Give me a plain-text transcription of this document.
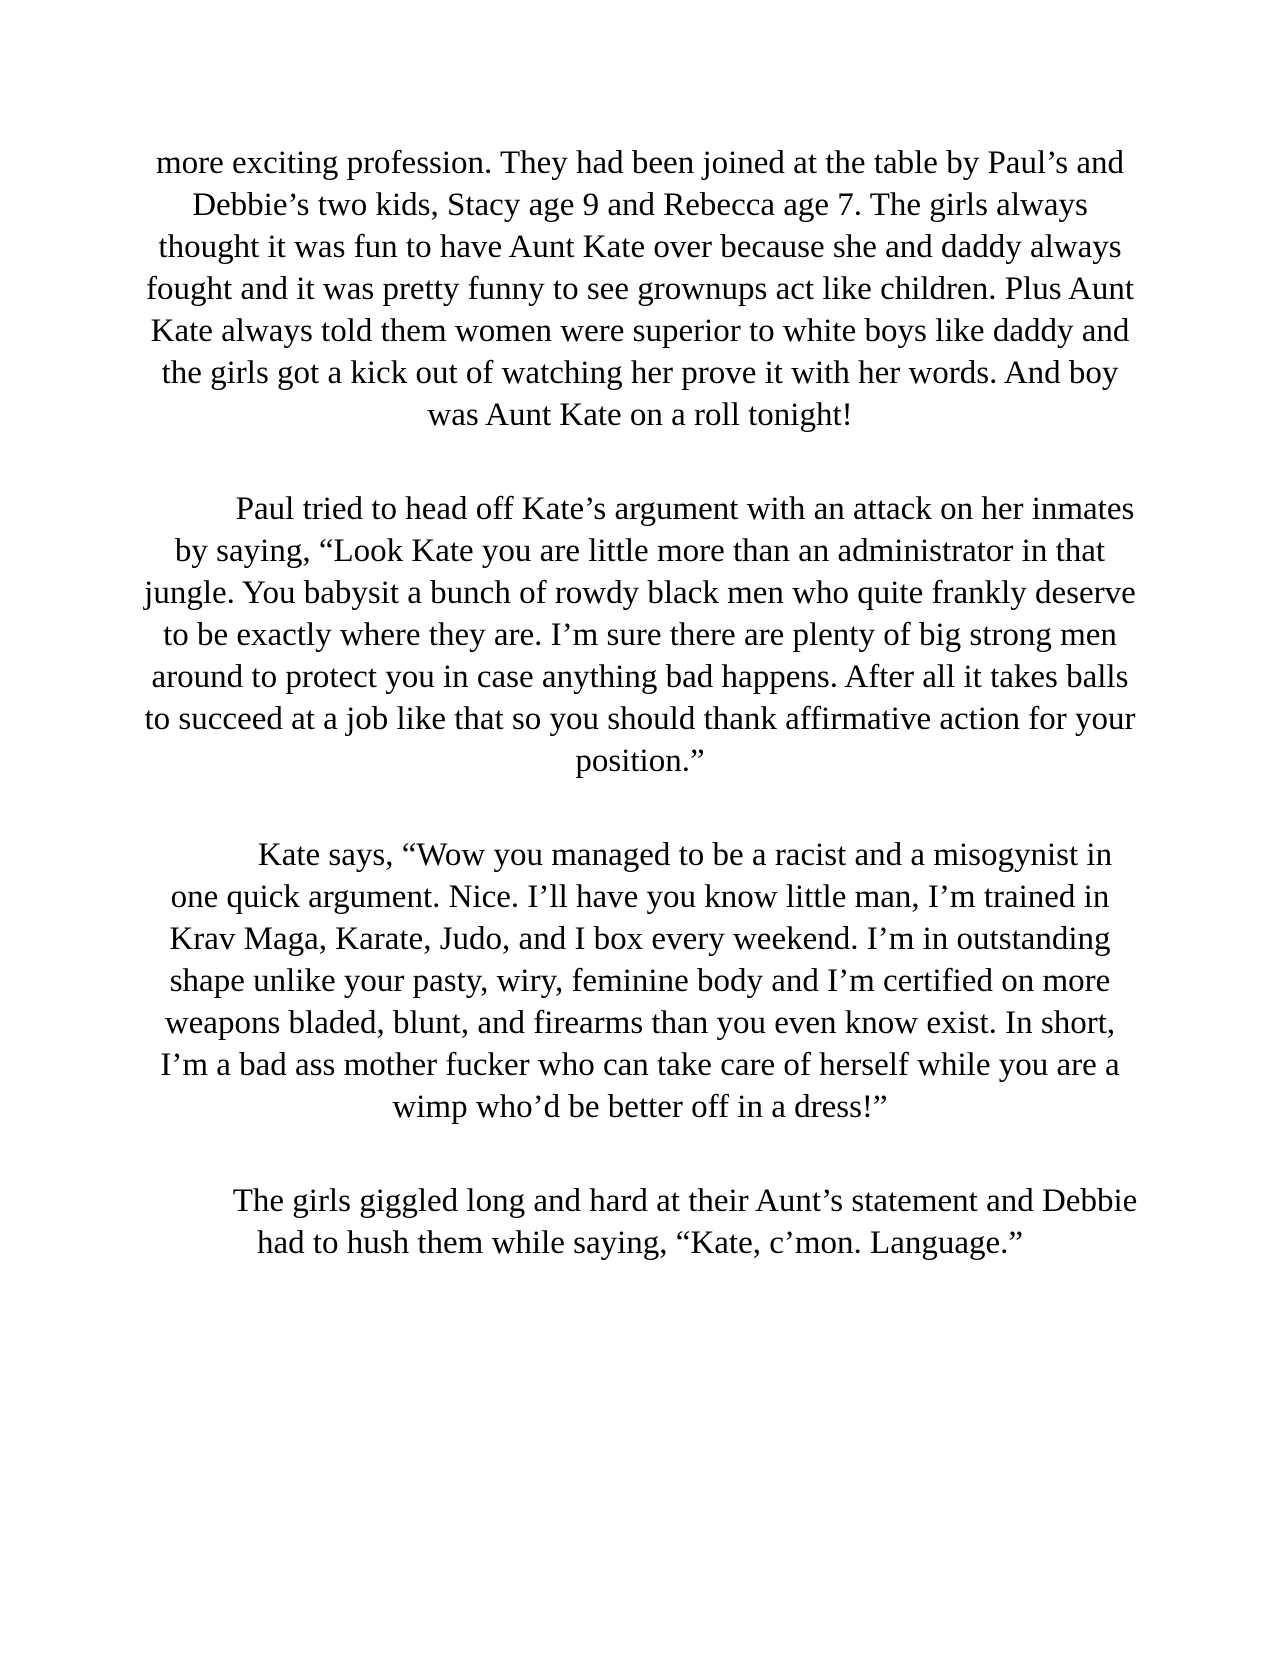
more exciting profession. They had been joined at the table by Paul’s and Debbie’s two kids, Stacy age 9 and Rebecca age 7. The girls always thought it was fun to have Aunt Kate over because she and daddy always fought and it was pretty funny to see grownups act like children. Plus Aunt Kate always told them women were superior to white boys like daddy and the girls got a kick out of watching her prove it with her words. And boy was Aunt Kate on a roll tonight!

Paul tried to head off Kate’s argument with an attack on her inmates by saying, “Look Kate you are little more than an administrator in that jungle. You babysit a bunch of rowdy black men who quite frankly deserve to be exactly where they are. I’m sure there are plenty of big strong men around to protect you in case anything bad happens. After all it takes balls to succeed at a job like that so you should thank affirmative action for your position.”

Kate says, “Wow you managed to be a racist and a misogynist in one quick argument. Nice. I’ll have you know little man, I’m trained in Krav Maga, Karate, Judo, and I box every weekend. I’m in outstanding shape unlike your pasty, wiry, feminine body and I’m certified on more weapons bladed, blunt, and firearms than you even know exist. In short, I’m a bad ass mother fucker who can take care of herself while you are a wimp who’d be better off in a dress!”

The girls giggled long and hard at their Aunt’s statement and Debbie had to hush them while saying, “Kate, c’mon. Language.”
